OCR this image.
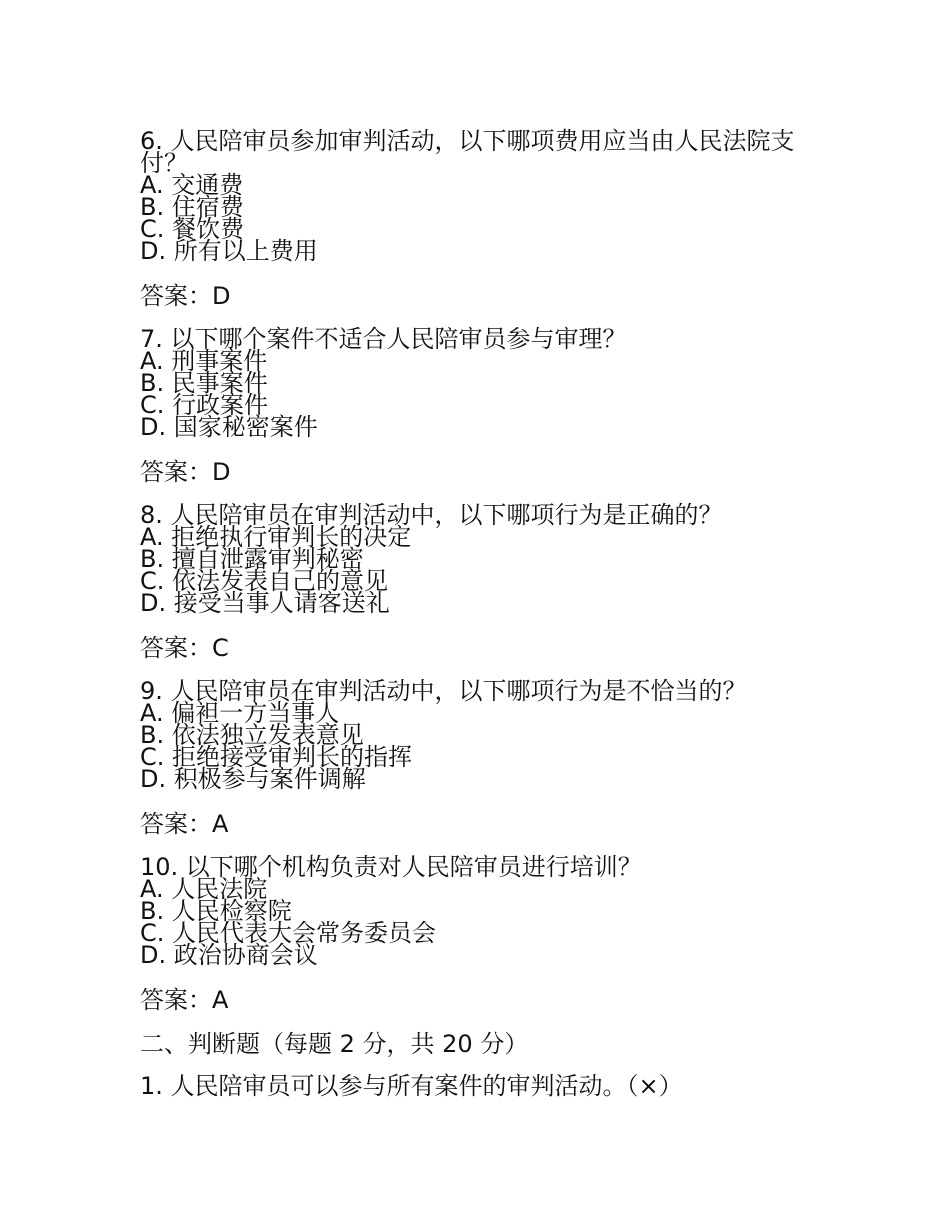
6. 人民陪审员参加审判活动，以下哪项费用应当由人民法院支付？

A. 交通费

B. 住宿费

C. 餐饮费

D. 所有以上费用

答案：D

7. 以下哪个案件不适合人民陪审员参与审理？

A. 刑事案件

B. 民事案件

C. 行政案件

D. 国家秘密案件

答案：D

8. 人民陪审员在审判活动中，以下哪项行为是正确的？

A. 拒绝执行审判长的决定

B. 擅自泄露审判秘密

C. 依法发表自己的意见

D. 接受当事人请客送礼

答案：C

9. 人民陪审员在审判活动中，以下哪项行为是不恰当的？

A. 偏袒一方当事人

B. 依法独立发表意见

C. 拒绝接受审判长的指挥

D. 积极参与案件调解

答案：A

10. 以下哪个机构负责对人民陪审员进行培训？

A. 人民法院

B. 人民检察院

C. 人民代表大会常务委员会

D. 政治协商会议

答案：A

二、判断题（每题 2 分，共 20 分）

1. 人民陪审员可以参与所有案件的审判活动。（×）
